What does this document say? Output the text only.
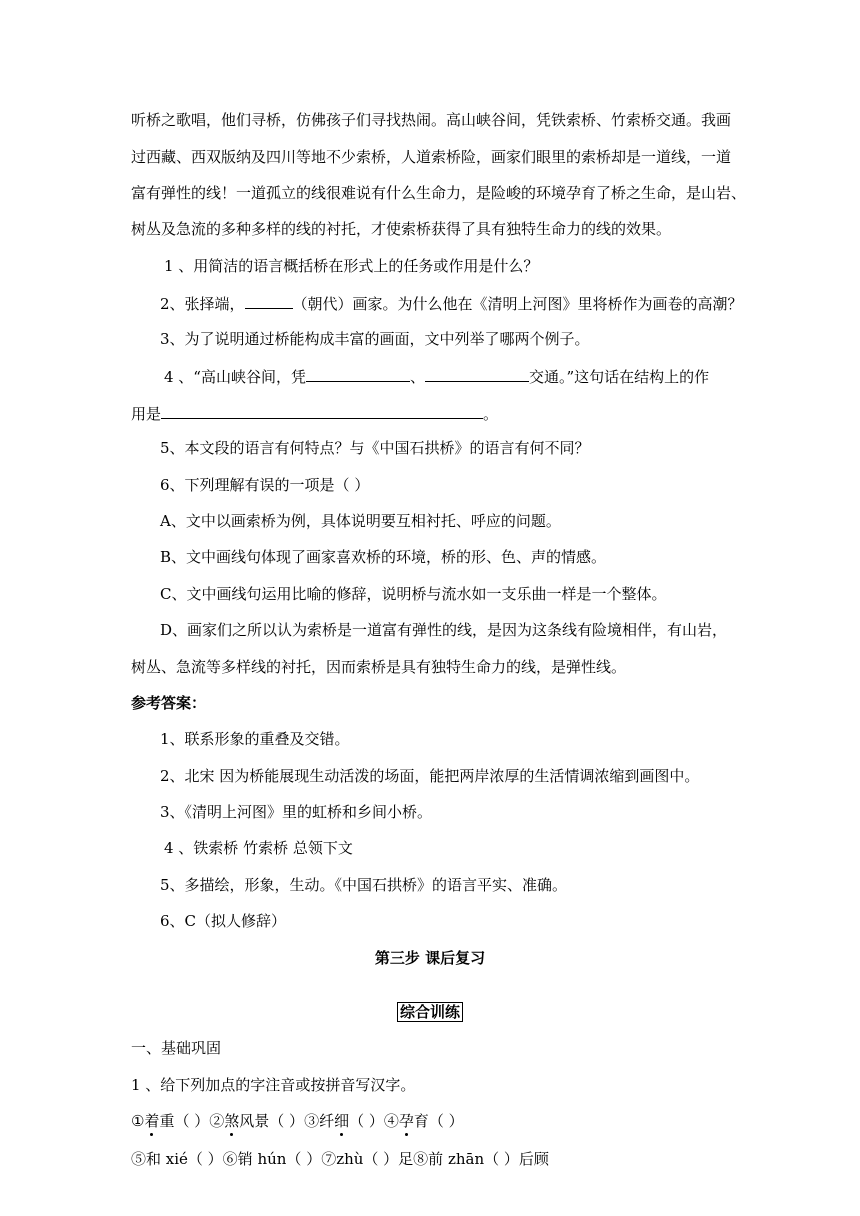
听桥之歌唱，他们寻桥，仿佛孩子们寻找热闹。高山峡谷间，凭铁索桥、竹索桥交通。我画
过西藏、西双版纳及四川等地不少索桥，人道索桥险，画家们眼里的索桥却是一道线，一道
富有弹性的线！一道孤立的线很难说有什么生命力，是险峻的环境孕育了桥之生命，是山岩、
树丛及急流的多种多样的线的衬托，才使索桥获得了具有独特生命力的线的效果。
1 、用简洁的语言概括桥在形式上的任务或作用是什么？
2、张择端，	（朝代）画家。为什么他在《清明上河图》里将桥作为画卷的高潮？
3、为了说明通过桥能构成丰富的画面，文中列举了哪两个例子。
4 、“高山峡谷间，凭	、	交通。”这句话在结构上的作
用是	。
5、本文段的语言有何特点？与《中国石拱桥》的语言有何不同？
6、下列理解有误的一项是（ ）
A、文中以画索桥为例，具体说明要互相衬托、呼应的问题。
B、文中画线句体现了画家喜欢桥的环境，桥的形、色、声的情感。
C、文中画线句运用比喻的修辞，说明桥与流水如一支乐曲一样是一个整体。
D、画家们之所以认为索桥是一道富有弹性的线，是因为这条线有险境相伴，有山岩，
树丛、急流等多样线的衬托，因而索桥是具有独特生命力的线，是弹性线。
参考答案：
1、联系形象的重叠及交错。
2、北宋 因为桥能展现生动活泼的场面，能把两岸浓厚的生活情调浓缩到画图中。
3、《清明上河图》里的虹桥和乡间小桥。
4 、铁索桥 竹索桥 总领下文
5、多描绘，形象，生动。《中国石拱桥》的语言平实、准确。
6、C（拟人修辞）
第三步 课后复习
综合训练
一、基础巩固
1 、给下列加点的字注音或按拼音写汉字。
①着重（ ）②煞风景（ ）③纤细（ ）④孕育（ ）
⑤和 xié（ ）⑥销 hún（ ）⑦zhù（ ）足⑧前 zhān（ ）后顾
